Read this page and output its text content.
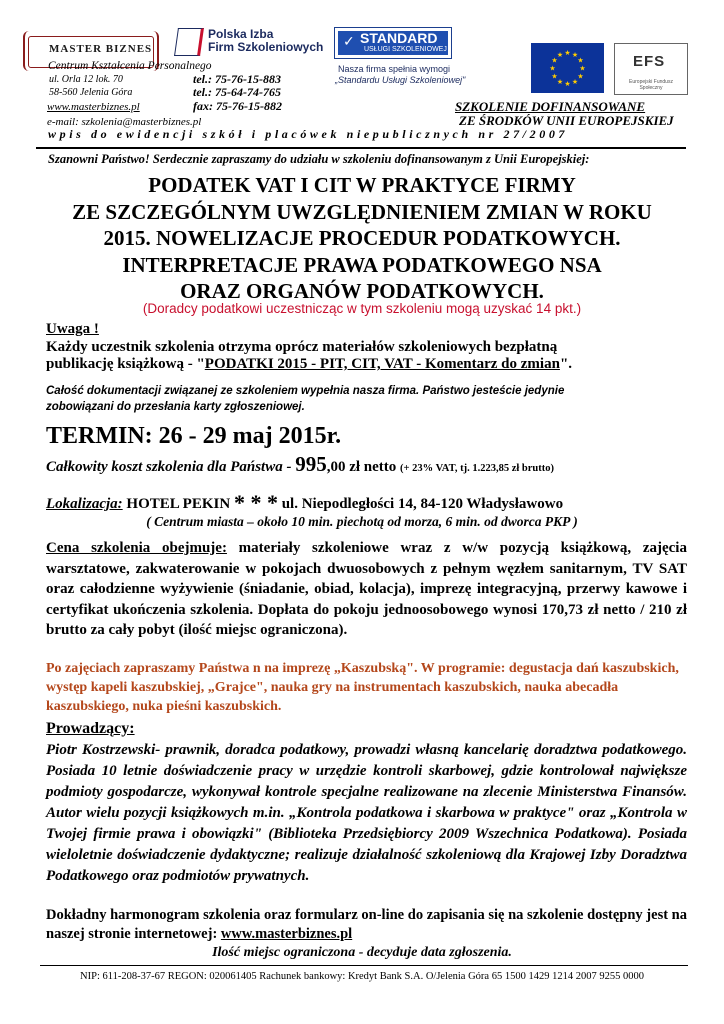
MASTER BIZNES
Polska Izba
Firm Szkoleniowych ✓ STANDARD
USŁUGI SZKOLENIOWEJ	★ ★
★
★
★
★
★
★
★
★
★
★	EFS
Europejski Fundusz Społeczny
Centrum Kształcenia Personalnego
ul. Orla 12 lok. 70
58-560 Jelenia Góra
www.masterbiznes.pl
e-mail: szkolenia@masterbiznes.pl
tel.: 75-76-15-883
tel.: 75-64-74-765
fax: 75-76-15-882
Nasza firma spełnia wymogi
„Standardu Usługi Szkoleniowej"
SZKOLENIE DOFINANSOWANE
ZE ŚRODKÓW UNII EUROPEJSKIEJ
wpis do ewidencji szkół i placówek niepublicznych nr 27/2007
Szanowni Państwo! Serdecznie zapraszamy do udziału w szkoleniu dofinansowanym z Unii Europejskiej:
PODATEK VAT I CIT W PRAKTYCE FIRMY
ZE SZCZEGÓLNYM UWZGLĘDNIENIEM ZMIAN W ROKU
2015. NOWELIZACJE PROCEDUR PODATKOWYCH.
INTERPRETACJE PRAWA PODATKOWEGO NSA
ORAZ ORGANÓW PODATKOWYCH.
(Doradcy podatkowi uczestnicząc w tym szkoleniu mogą uzyskać 14 pkt.)
Uwaga !
Każdy uczestnik szkolenia otrzyma oprócz materiałów szkoleniowych bezpłatną
publikację książkową - "PODATKI 2015 - PIT, CIT, VAT - Komentarz do zmian".
Całość dokumentacji związanej ze szkoleniem wypełnia nasza firma. Państwo jesteście jedynie
zobowiązani do przesłania karty zgłoszeniowej.
TERMIN: 26 - 29 maj 2015r.
Całkowity koszt szkolenia dla Państwa - 995,00 zł netto (+ 23% VAT, tj. 1.223,85 zł brutto)
Lokalizacja: HOTEL PEKIN * * * ul. Niepodległości 14, 84-120 Władysławowo
( Centrum miasta – około 10 min. piechotą od morza, 6 min. od dworca PKP )
Cena szkolenia obejmuje: materiały szkoleniowe wraz z w/w pozycją książkową, zajęcia warsztatowe, zakwaterowanie w pokojach dwuosobowych z pełnym węzłem sanitarnym, TV SAT oraz całodzienne wyżywienie (śniadanie, obiad, kolacja), imprezę integracyjną, przerwy kawowe i certyfikat ukończenia szkolenia. Dopłata do pokoju jednoosobowego wynosi 170,73 zł netto / 210 zł brutto za cały pobyt (ilość miejsc ograniczona).
Po zajęciach zapraszamy Państwa n na imprezę „Kaszubską". W programie: degustacja dań kaszubskich, występ kapeli kaszubskiej, „Grajce", nauka gry na instrumentach kaszubskich, nauka abecadła kaszubskiego, nuka pieśni kaszubskich.
Prowadzący:
Piotr Kostrzewski- prawnik, doradca podatkowy, prowadzi własną kancelarię doradztwa podatkowego. Posiada 10 letnie doświadczenie pracy w urzędzie kontroli skarbowej, gdzie kontrolował największe podmioty gospodarcze, wykonywał kontrole specjalne realizowane na zlecenie Ministerstwa Finansów. Autor wielu pozycji książkowych m.in. „Kontrola podatkowa i skarbowa w praktyce" oraz „Kontrola w Twojej firmie prawa i obowiązki" (Biblioteka Przedsiębiorcy 2009 Wszechnica Podatkowa). Posiada wieloletnie doświadczenie dydaktyczne; realizuje działalność szkoleniową dla Krajowej Izby Doradztwa Podatkowego oraz podmiotów prywatnych.
Dokładny harmonogram szkolenia oraz formularz on-line do zapisania się na szkolenie dostępny jest na naszej stronie internetowej: www.masterbiznes.pl
Ilość miejsc ograniczona - decyduje data zgłoszenia.
NIP: 611-208-37-67 REGON: 020061405 Rachunek bankowy: Kredyt Bank S.A. O/Jelenia Góra 65 1500 1429 1214 2007 9255 0000
